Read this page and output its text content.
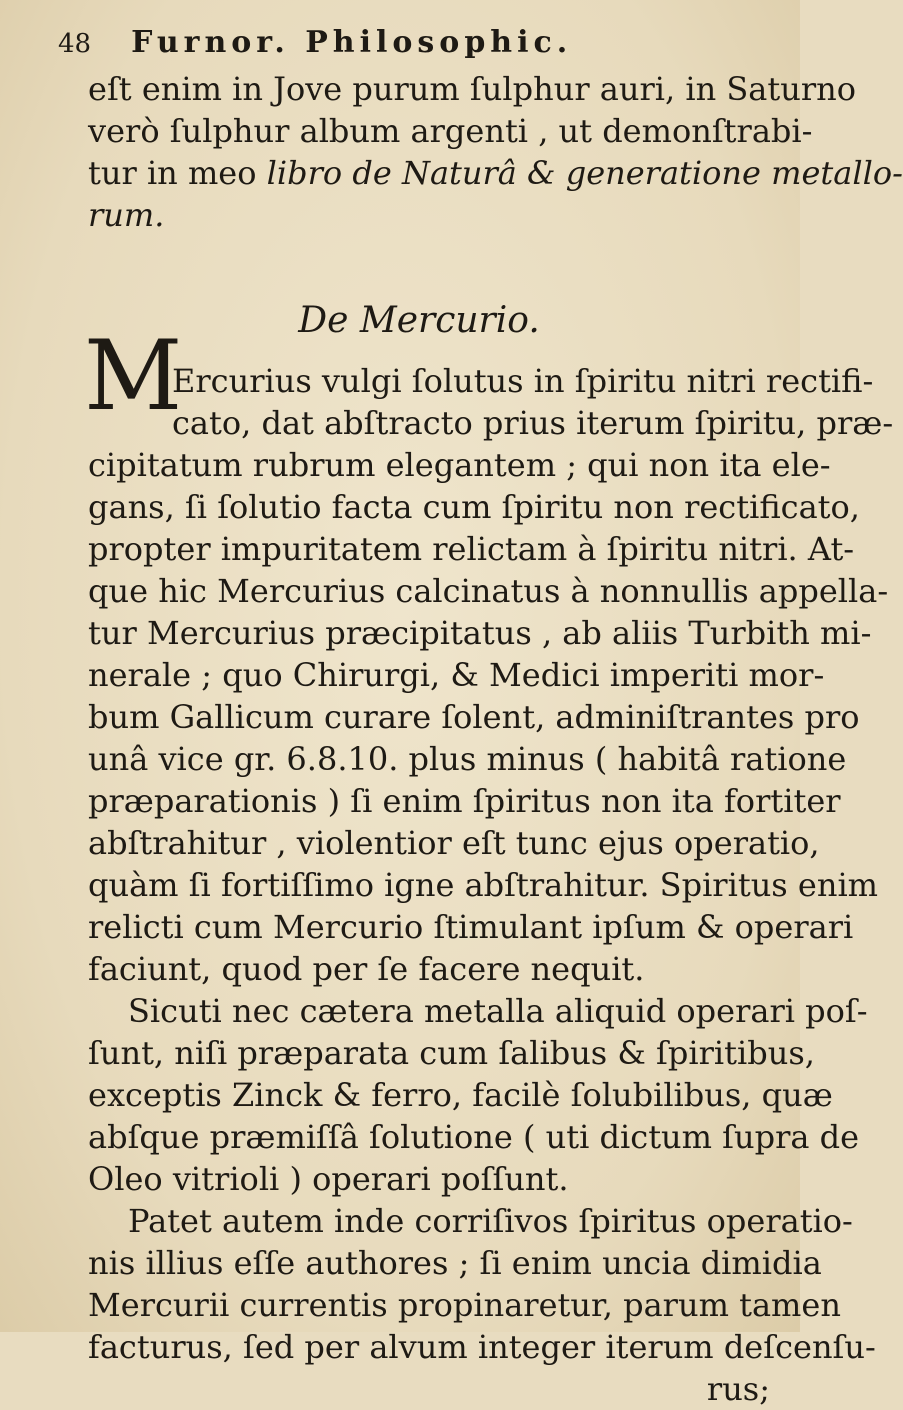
48 Furnor. Philosophic.
eſt enim in Jove purum ſulphur auri, in Saturno
verò ſulphur album argenti , ut demonſtrabi-
tur in meo libro de Naturâ & generatione metallo-
rum.
De Mercurio.
M
Ercurius vulgi ſolutus in ſpiritu nitri rectifi-
cato, dat abſtracto prius iterum ſpiritu, præ-
cipitatum rubrum elegantem ; qui non ita ele-
gans, ſi ſolutio facta cum ſpiritu non rectificato,
propter impuritatem relictam à ſpiritu nitri. At-
que hic Mercurius calcinatus à nonnullis appella-
tur Mercurius præcipitatus , ab aliis Turbith mi-
nerale ; quo Chirurgi, & Medici imperiti mor-
bum Gallicum curare ſolent, adminiſtrantes pro
unâ vice gr. 6.8.10. plus minus ( habitâ ratione
præparationis ) ſi enim ſpiritus non ita fortiter
abſtrahitur , violentior eſt tunc ejus operatio,
quàm ſi fortiſſimo igne abſtrahitur. Spiritus enim
relicti cum Mercurio ſtimulant ipſum & operari
faciunt, quod per ſe facere nequit.
Sicuti nec cætera metalla aliquid operari poſ-
ſunt, niſi præparata cum ſalibus & ſpiritibus,
exceptis Zinck & ferro, facilè ſolubilibus, quæ
abſque præmiſſâ ſolutione ( uti dictum ſupra de
Oleo vitrioli ) operari poſſunt.
Patet autem inde corriſivos ſpiritus operatio-
nis illius eſſe authores ; ſi enim uncia dimidia
Mercurii currentis propinaretur, parum tamen
facturus, ſed per alvum integer iterum deſcenſu-
rus;
